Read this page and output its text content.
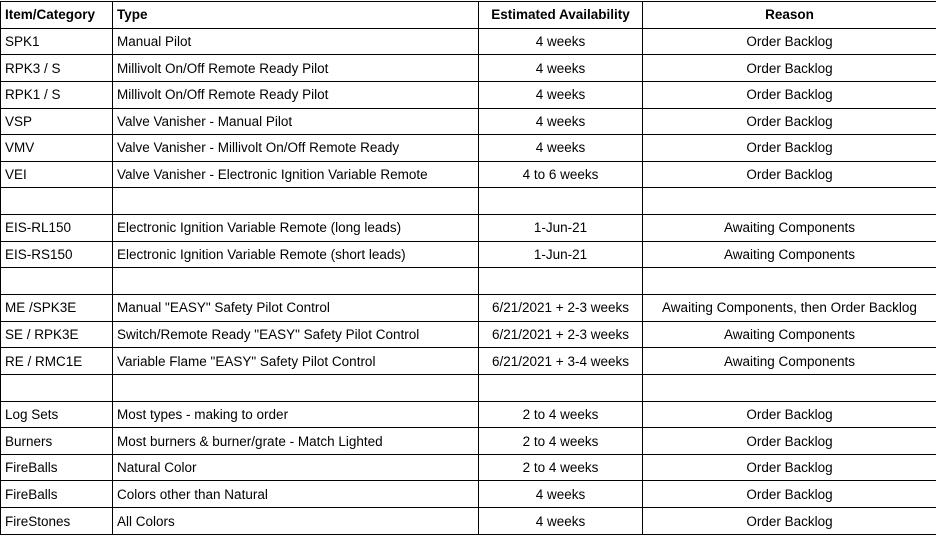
Item/Category	Type	Estimated Availability	Reason
SPK1	Manual Pilot	4 weeks	Order Backlog
RPK3 / S	Millivolt On/Off Remote Ready Pilot	4 weeks	Order Backlog
RPK1 / S	Millivolt On/Off Remote Ready Pilot	4 weeks	Order Backlog
VSP	Valve Vanisher - Manual Pilot	4 weeks	Order Backlog
VMV	Valve Vanisher - Millivolt On/Off Remote Ready	4 weeks	Order Backlog
VEI	Valve Vanisher - Electronic Ignition Variable Remote	4 to 6 weeks	Order Backlog

EIS-RL150	Electronic Ignition Variable Remote (long leads)	1-Jun-21	Awaiting Components
EIS-RS150	Electronic Ignition Variable Remote (short leads)	1-Jun-21	Awaiting Components

ME /SPK3E	Manual "EASY" Safety Pilot Control	6/21/2021 + 2-3 weeks	Awaiting Components, then Order Backlog
SE / RPK3E	Switch/Remote Ready "EASY" Safety Pilot Control	6/21/2021 + 2-3 weeks	Awaiting Components
RE / RMC1E	Variable Flame "EASY" Safety Pilot Control	6/21/2021 + 3-4 weeks	Awaiting Components

Log Sets	Most types - making to order	2 to 4 weeks	Order Backlog
Burners	Most burners & burner/grate - Match Lighted	2 to 4 weeks	Order Backlog
FireBalls	Natural Color	2 to 4 weeks	Order Backlog
FireBalls	Colors other than Natural	4 weeks	Order Backlog
FireStones	All Colors	4 weeks	Order Backlog
